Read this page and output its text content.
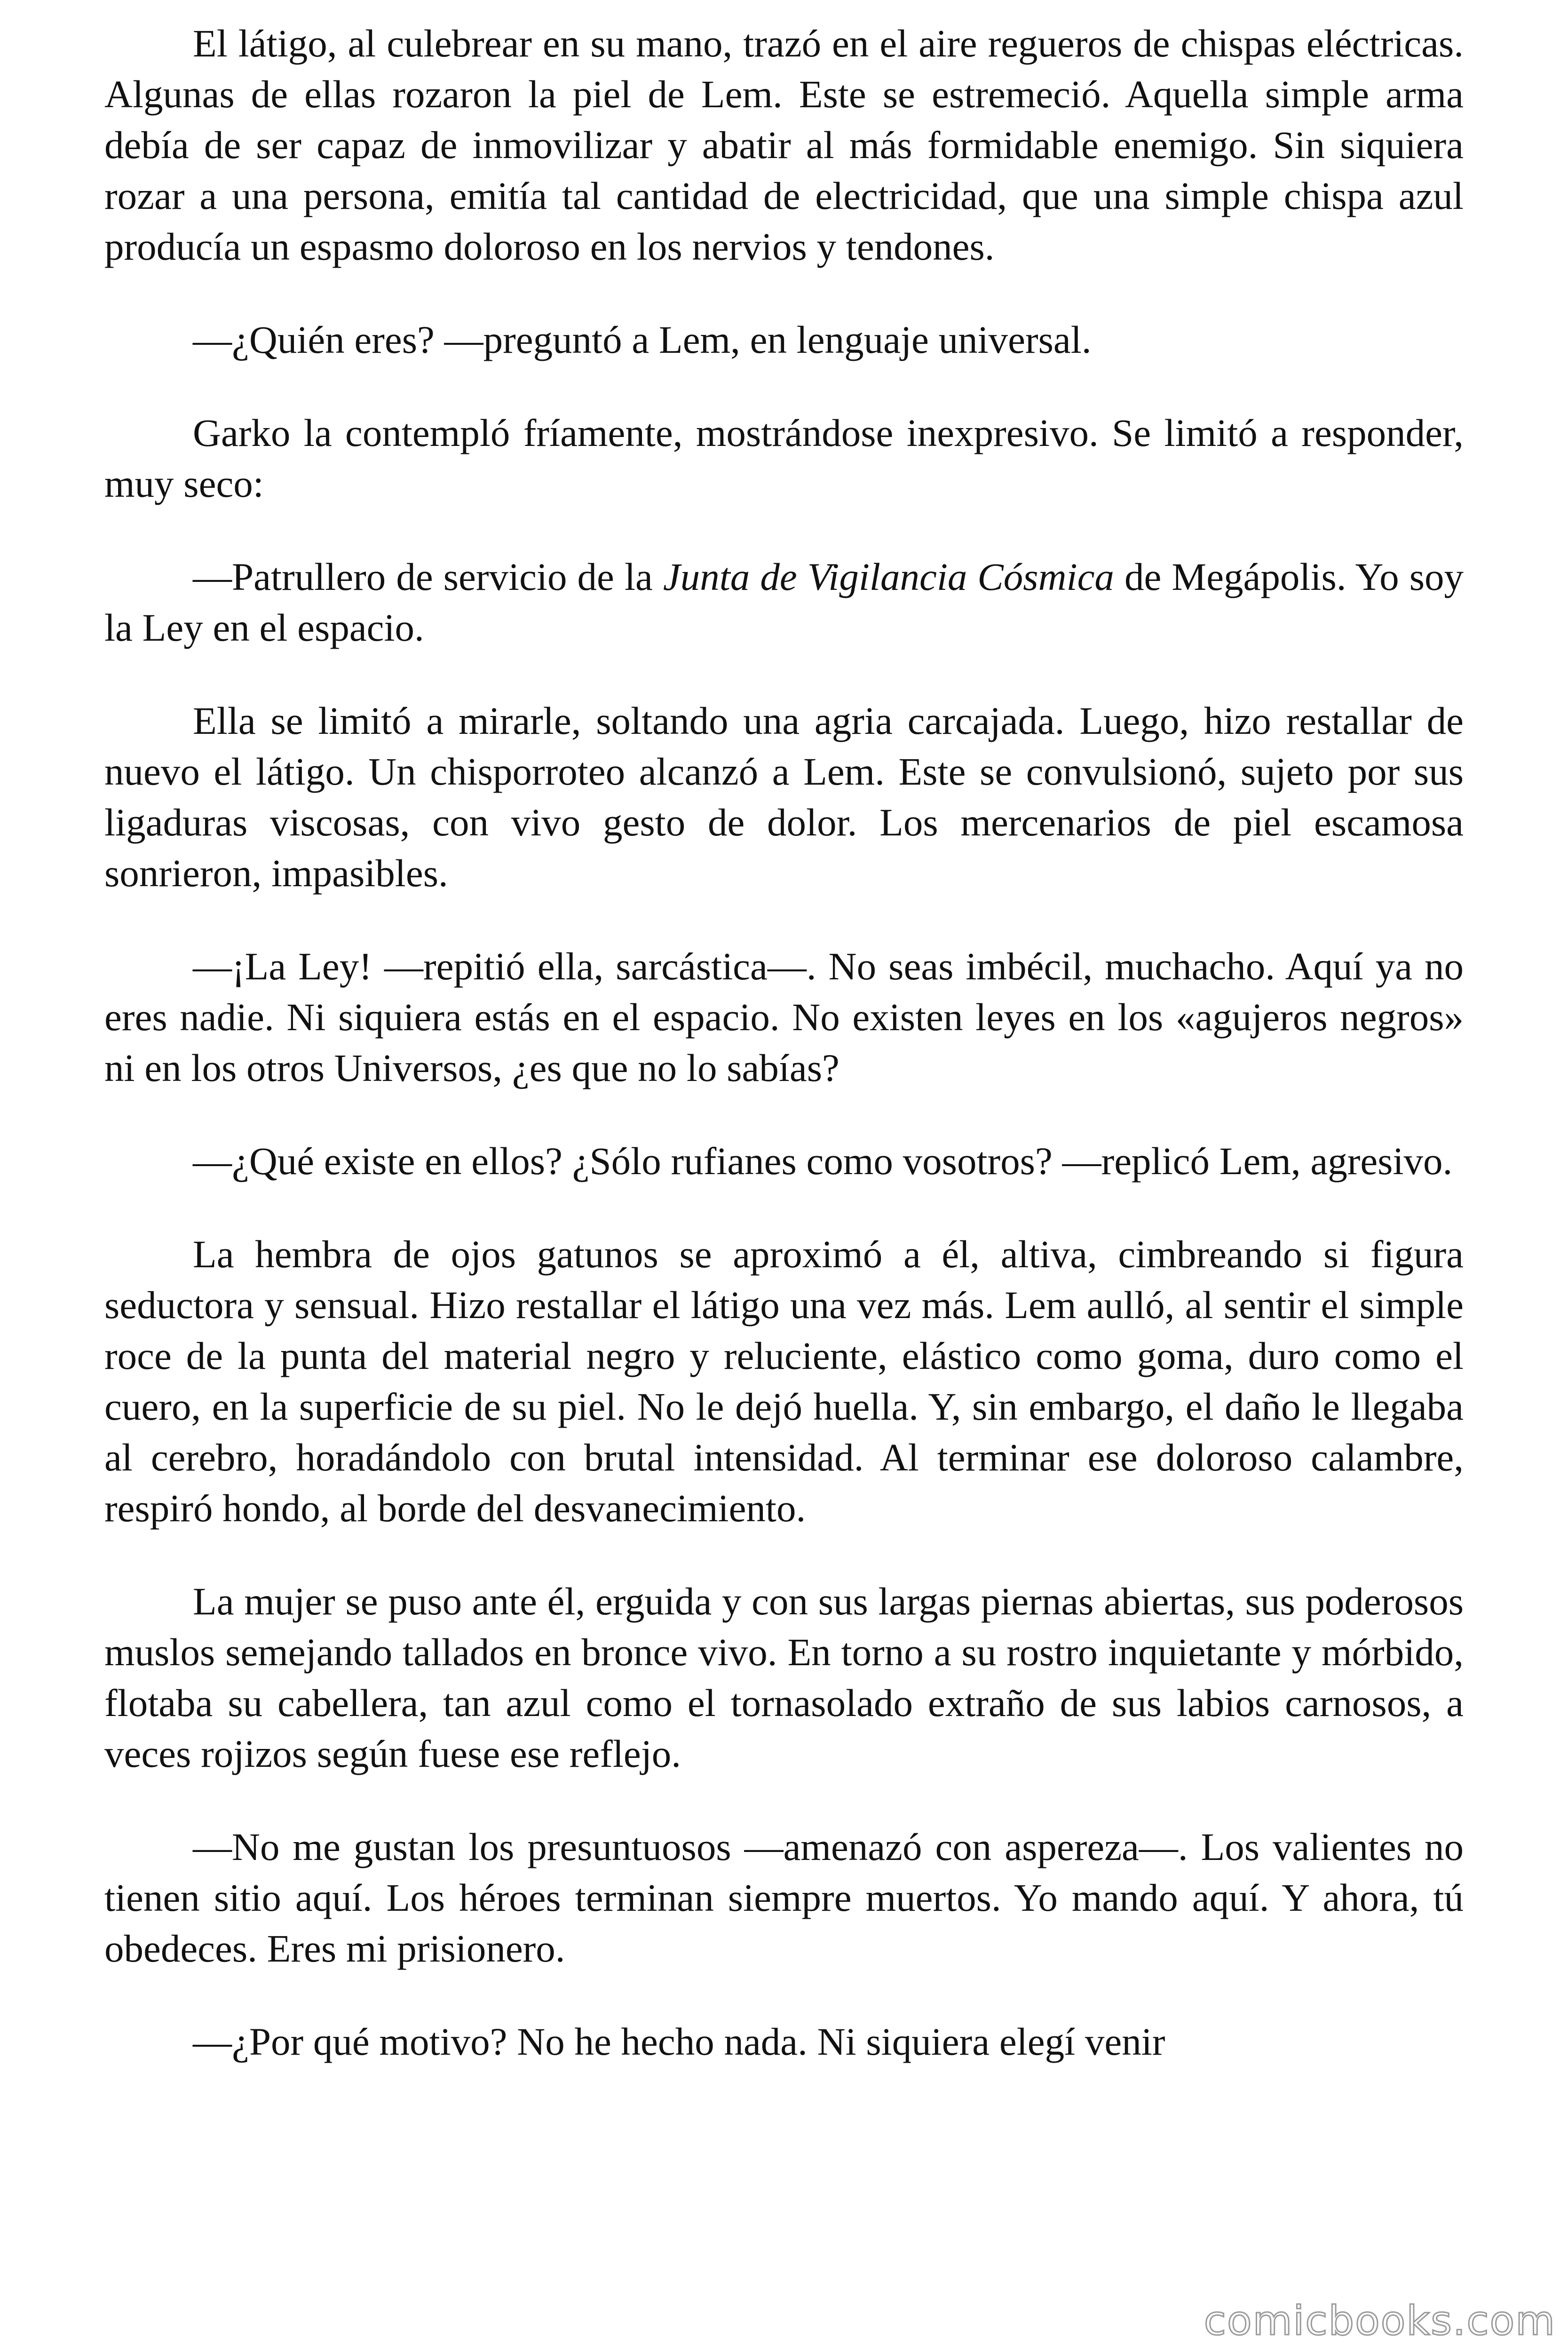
El látigo, al culebrear en su mano, trazó en el aire regueros de chispas eléctricas. Algunas de ellas rozaron la piel de Lem. Este se estremeció. Aquella simple arma debía de ser capaz de inmovilizar y abatir al más formidable enemigo. Sin siquiera rozar a una persona, emitía tal cantidad de electricidad, que una simple chispa azul producía un espasmo doloroso en los nervios y tendones.

—¿Quién eres? —preguntó a Lem, en lenguaje universal.

Garko la contempló fríamente, mostrándose inexpresivo. Se limitó a responder, muy seco:

—Patrullero de servicio de la Junta de Vigilancia Cósmica de Megápolis. Yo soy la Ley en el espacio.

Ella se limitó a mirarle, soltando una agria carcajada. Luego, hizo restallar de nuevo el látigo. Un chisporroteo alcanzó a Lem. Este se convulsionó, sujeto por sus ligaduras viscosas, con vivo gesto de dolor. Los mercenarios de piel escamosa sonrieron, impasibles.

—¡La Ley! —repitió ella, sarcástica—. No seas imbécil, muchacho. Aquí ya no eres nadie. Ni siquiera estás en el espacio. No existen leyes en los «agujeros negros» ni en los otros Universos, ¿es que no lo sabías?

—¿Qué existe en ellos? ¿Sólo rufianes como vosotros? —replicó Lem, agresivo.

La hembra de ojos gatunos se aproximó a él, altiva, cimbreando si figura seductora y sensual. Hizo restallar el látigo una vez más. Lem aulló, al sentir el simple roce de la punta del material negro y reluciente, elástico como goma, duro como el cuero, en la superficie de su piel. No le dejó huella. Y, sin embargo, el daño le llegaba al cerebro, horadándolo con brutal intensidad. Al terminar ese doloroso calambre, respiró hondo, al borde del desvanecimiento.

La mujer se puso ante él, erguida y con sus largas piernas abiertas, sus poderosos muslos semejando tallados en bronce vivo. En torno a su rostro inquietante y mórbido, flotaba su cabellera, tan azul como el tornasolado extraño de sus labios carnosos, a veces rojizos según fuese ese reflejo.

—No me gustan los presuntuosos —amenazó con aspereza—. Los valientes no tienen sitio aquí. Los héroes terminan siempre muertos. Yo mando aquí. Y ahora, tú obedeces. Eres mi prisionero.

—¿Por qué motivo? No he hecho nada. Ni siquiera elegí venir

comicbooks.com
